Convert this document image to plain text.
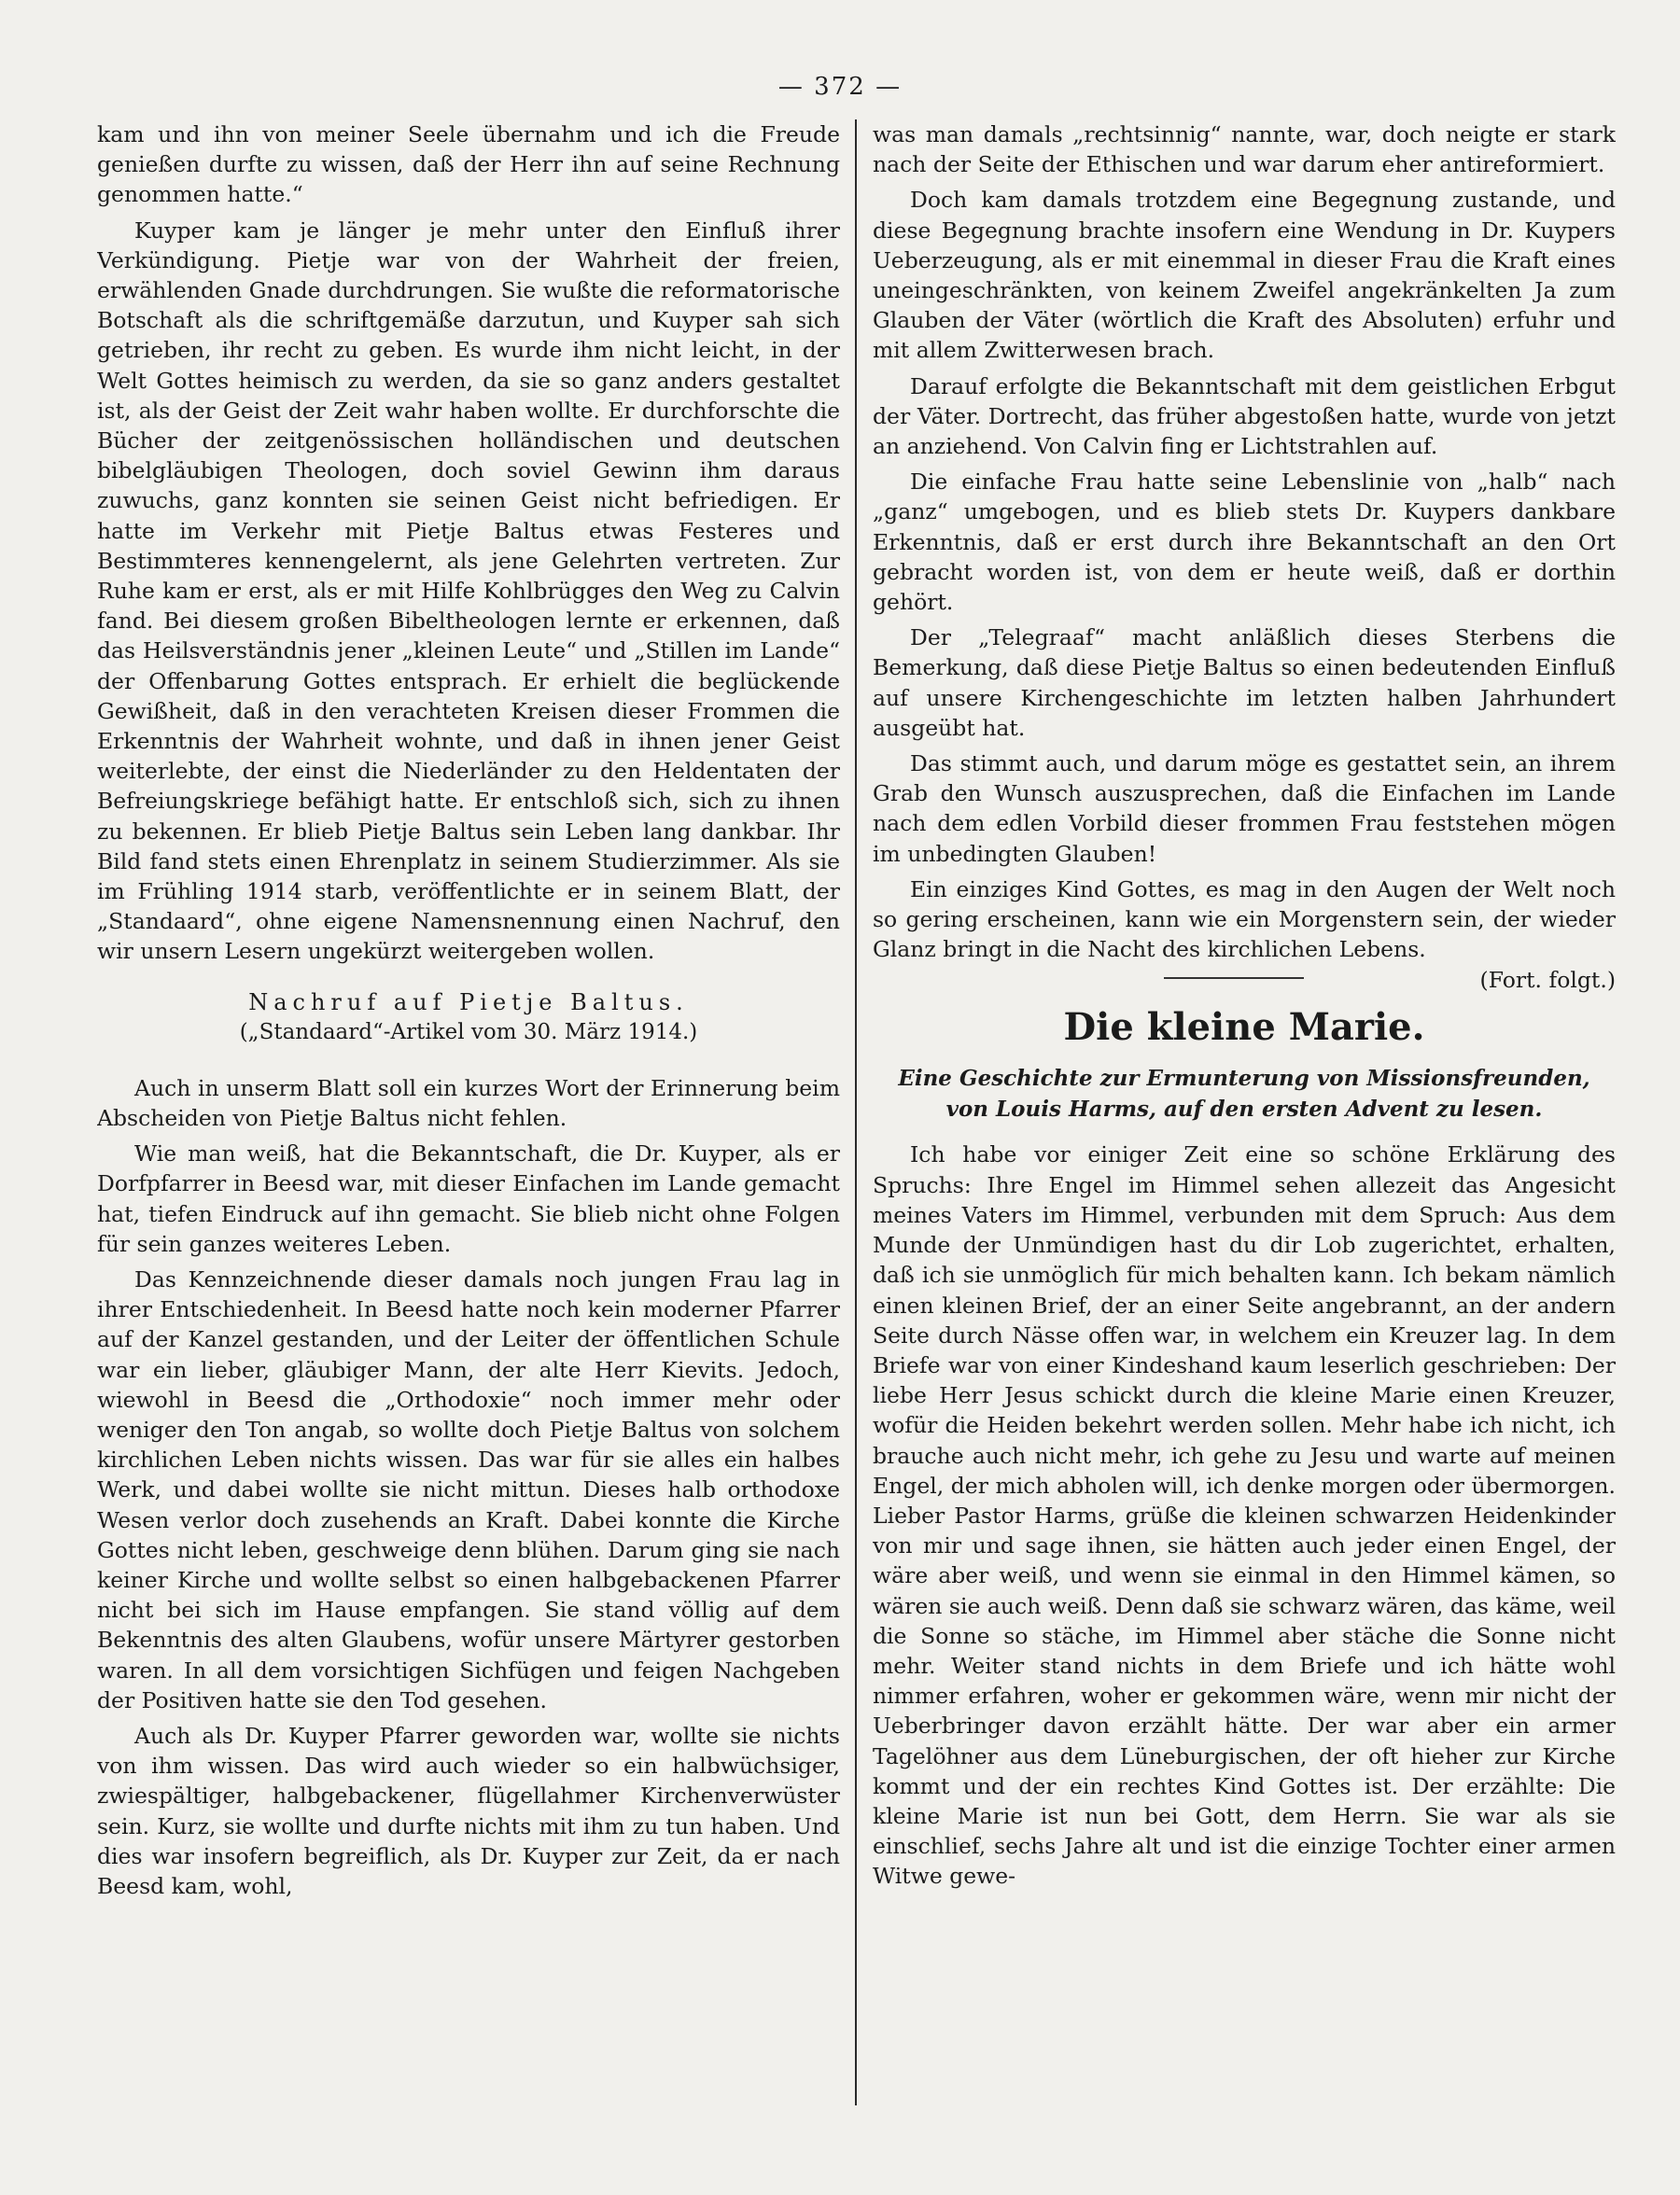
— 372 —

kam und ihn von meiner Seele übernahm und ich die Freude genießen durfte zu wissen, daß der Herr ihn auf seine Rechnung genommen hatte.“

Kuyper kam je länger je mehr unter den Einfluß ihrer Verkündigung. Pietje war von der Wahrheit der freien, erwählenden Gnade durchdrungen. Sie wußte die reformatorische Botschaft als die schriftgemäße darzutun, und Kuyper sah sich getrieben, ihr recht zu geben. Es wurde ihm nicht leicht, in der Welt Gottes heimisch zu werden, da sie so ganz anders gestaltet ist, als der Geist der Zeit wahr haben wollte. Er durchforschte die Bücher der zeitgenössischen holländischen und deutschen bibelgläubigen Theologen, doch soviel Gewinn ihm daraus zuwuchs, ganz konnten sie seinen Geist nicht befriedigen. Er hatte im Verkehr mit Pietje Baltus etwas Festeres und Bestimmteres kennengelernt, als jene Gelehrten vertreten. Zur Ruhe kam er erst, als er mit Hilfe Kohlbrügges den Weg zu Calvin fand. Bei diesem großen Bibeltheologen lernte er erkennen, daß das Heilsverständnis jener „kleinen Leute“ und „Stillen im Lande“ der Offenbarung Gottes entsprach. Er erhielt die beglückende Gewißheit, daß in den verachteten Kreisen dieser Frommen die Erkenntnis der Wahrheit wohnte, und daß in ihnen jener Geist weiterlebte, der einst die Niederländer zu den Heldentaten der Befreiungskriege befähigt hatte. Er entschloß sich, sich zu ihnen zu bekennen. Er blieb Pietje Baltus sein Leben lang dankbar. Ihr Bild fand stets einen Ehrenplatz in seinem Studierzimmer. Als sie im Frühling 1914 starb, veröffentlichte er in seinem Blatt, der „Standaard“, ohne eigene Namensnennung einen Nachruf, den wir unsern Lesern ungekürzt weitergeben wollen.

Nachruf auf Pietje Baltus.
(„Standaard“-Artikel vom 30. März 1914.)

Auch in unserm Blatt soll ein kurzes Wort der Erinnerung beim Abscheiden von Pietje Baltus nicht fehlen.

Wie man weiß, hat die Bekanntschaft, die Dr. Kuyper, als er Dorfpfarrer in Beesd war, mit dieser Einfachen im Lande gemacht hat, tiefen Eindruck auf ihn gemacht. Sie blieb nicht ohne Folgen für sein ganzes weiteres Leben.

Das Kennzeichnende dieser damals noch jungen Frau lag in ihrer Entschiedenheit. In Beesd hatte noch kein moderner Pfarrer auf der Kanzel gestanden, und der Leiter der öffentlichen Schule war ein lieber, gläubiger Mann, der alte Herr Kievits. Jedoch, wiewohl in Beesd die „Orthodoxie“ noch immer mehr oder weniger den Ton angab, so wollte doch Pietje Baltus von solchem kirchlichen Leben nichts wissen. Das war für sie alles ein halbes Werk, und dabei wollte sie nicht mittun. Dieses halb orthodoxe Wesen verlor doch zusehends an Kraft. Dabei konnte die Kirche Gottes nicht leben, geschweige denn blühen. Darum ging sie nach keiner Kirche und wollte selbst so einen halbgebackenen Pfarrer nicht bei sich im Hause empfangen. Sie stand völlig auf dem Bekenntnis des alten Glaubens, wofür unsere Märtyrer gestorben waren. In all dem vorsichtigen Sichfügen und feigen Nachgeben der Positiven hatte sie den Tod gesehen.

Auch als Dr. Kuyper Pfarrer geworden war, wollte sie nichts von ihm wissen. Das wird auch wieder so ein halbwüchsiger, zwiespältiger, halbgebackener, flügellahmer Kirchenverwüster sein. Kurz, sie wollte und durfte nichts mit ihm zu tun haben. Und dies war insofern begreiflich, als Dr. Kuyper zur Zeit, da er nach Beesd kam, wohl,

was man damals „rechtsinnig“ nannte, war, doch neigte er stark nach der Seite der Ethischen und war darum eher antireformiert.

Doch kam damals trotzdem eine Begegnung zustande, und diese Begegnung brachte insofern eine Wendung in Dr. Kuypers Ueberzeugung, als er mit einemmal in dieser Frau die Kraft eines uneingeschränkten, von keinem Zweifel angekränkelten Ja zum Glauben der Väter (wörtlich die Kraft des Absoluten) erfuhr und mit allem Zwitterwesen brach.

Darauf erfolgte die Bekanntschaft mit dem geistlichen Erbgut der Väter. Dortrecht, das früher abgestoßen hatte, wurde von jetzt an anziehend. Von Calvin fing er Lichtstrahlen auf.

Die einfache Frau hatte seine Lebenslinie von „halb“ nach „ganz“ umgebogen, und es blieb stets Dr. Kuypers dankbare Erkenntnis, daß er erst durch ihre Bekanntschaft an den Ort gebracht worden ist, von dem er heute weiß, daß er dorthin gehört.

Der „Telegraaf“ macht anläßlich dieses Sterbens die Bemerkung, daß diese Pietje Baltus so einen bedeutenden Einfluß auf unsere Kirchengeschichte im letzten halben Jahrhundert ausgeübt hat.

Das stimmt auch, und darum möge es gestattet sein, an ihrem Grab den Wunsch auszusprechen, daß die Einfachen im Lande nach dem edlen Vorbild dieser frommen Frau feststehen mögen im unbedingten Glauben!

Ein einziges Kind Gottes, es mag in den Augen der Welt noch so gering erscheinen, kann wie ein Morgenstern sein, der wieder Glanz bringt in die Nacht des kirchlichen Lebens.

(Fort. folgt.)
Die kleine Marie.
Eine Geschichte zur Ermunterung von Missionsfreunden,
von Louis Harms, auf den ersten Advent zu lesen.

Ich habe vor einiger Zeit eine so schöne Erklärung des Spruchs: Ihre Engel im Himmel sehen allezeit das Angesicht meines Vaters im Himmel, verbunden mit dem Spruch: Aus dem Munde der Unmündigen hast du dir Lob zugerichtet, erhalten, daß ich sie unmöglich für mich behalten kann. Ich bekam nämlich einen kleinen Brief, der an einer Seite angebrannt, an der andern Seite durch Nässe offen war, in welchem ein Kreuzer lag. In dem Briefe war von einer Kindeshand kaum leserlich geschrieben: Der liebe Herr Jesus schickt durch die kleine Marie einen Kreuzer, wofür die Heiden bekehrt werden sollen. Mehr habe ich nicht, ich brauche auch nicht mehr, ich gehe zu Jesu und warte auf meinen Engel, der mich abholen will, ich denke morgen oder übermorgen. Lieber Pastor Harms, grüße die kleinen schwarzen Heidenkinder von mir und sage ihnen, sie hätten auch jeder einen Engel, der wäre aber weiß, und wenn sie einmal in den Himmel kämen, so wären sie auch weiß. Denn daß sie schwarz wären, das käme, weil die Sonne so stäche, im Himmel aber stäche die Sonne nicht mehr. Weiter stand nichts in dem Briefe und ich hätte wohl nimmer erfahren, woher er gekommen wäre, wenn mir nicht der Ueberbringer davon erzählt hätte. Der war aber ein armer Tagelöhner aus dem Lüneburgischen, der oft hieher zur Kirche kommt und der ein rechtes Kind Gottes ist. Der erzählte: Die kleine Marie ist nun bei Gott, dem Herrn. Sie war als sie einschlief, sechs Jahre alt und ist die einzige Tochter einer armen Witwe gewe-
